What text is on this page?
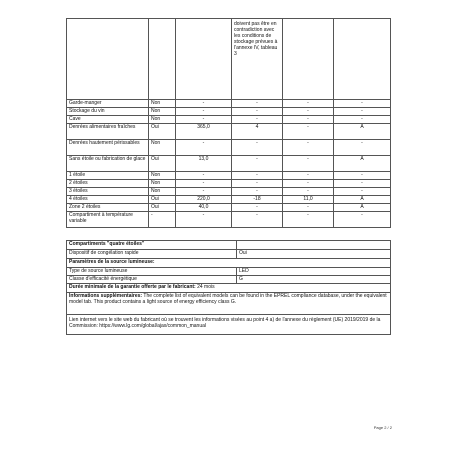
			doivent pas être en contradiction avec les conditions de stockage prévues à l'annexe IV, tableau 3		
Garde-manger	Non	-	-	-	-
Stockage du vin	Non	-	-	-	-
Cave	Non	-	-	-	-
Denrées alimentaires fraîches	Oui	365,0	4	-	A
Denrées hautement périssables	Non	-	-	-	-
Sans étoile ou fabrication de glace	Oui	13,0	-	-	A
1 étoile	Non	-	-	-	-
2 étoiles	Non	-	-	-	-
3 étoiles	Non	-	-	-	-
4 étoiles	Oui	220,0	-18	11,0	A
Zone 2 étoiles	Oui	40,0	-	-	A
Compartiment à température variable	-	-	-	-	-
Compartiments "quatre étoiles"	
Dispositif de congélation rapide	Oui
Paramètres de la source lumineuse:	
Type de source lumineuse	LED
Classe d'efficacité énergétique	G
Durée minimale de la garantie offerte par le fabricant: 24 mois	
Informations supplémentaires: The complete list of equivalent models can be found in the EPREL compliance database, under the equivalent model tab. This product contains a light source of energy efficiency class G.	
Lien internet vers le site web du fabricant où se trouvent les informations visées au point 4 a) de l'annexe du règlement (UE) 2019/2019 de la Commission: https://www.lg.com/global/ajax/common_manual	
Page 2 / 2
